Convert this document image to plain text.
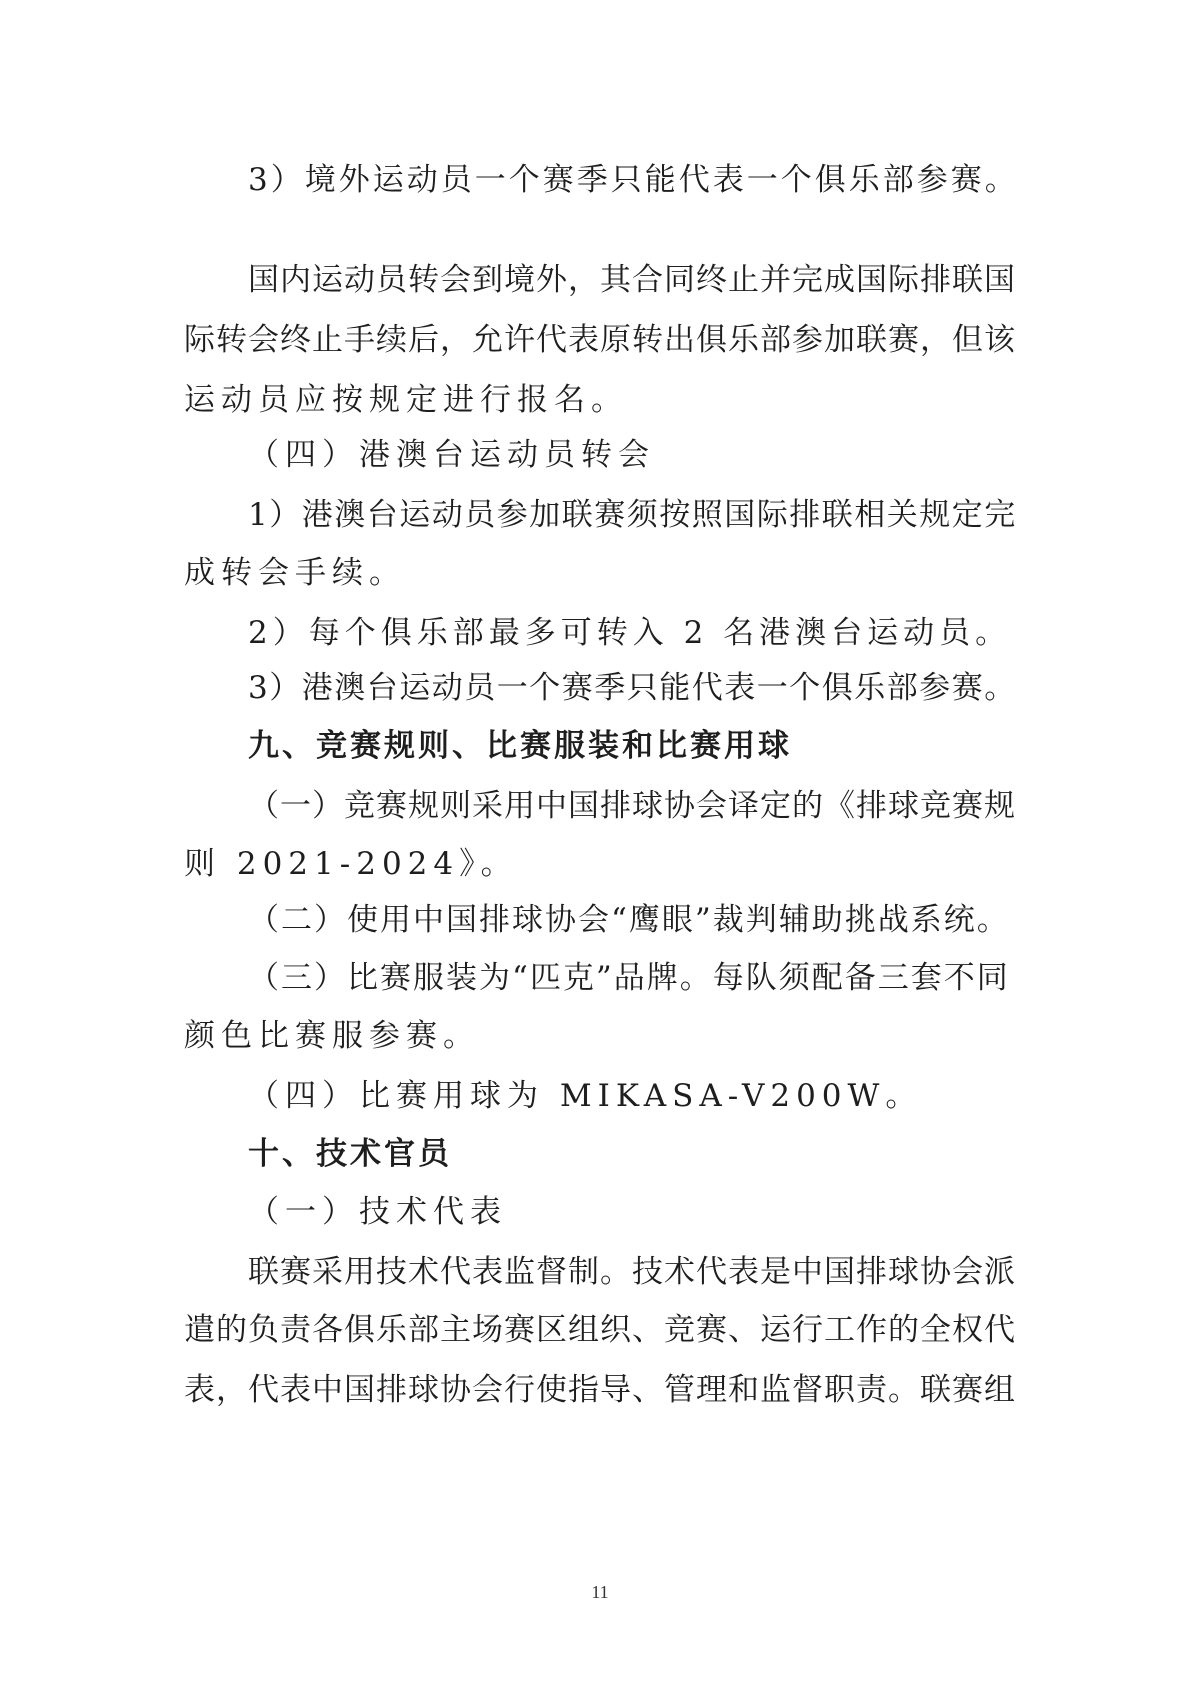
3）境外运动员一个赛季只能代表一个俱乐部参赛。

国内运动员转会到境外，其合同终止并完成国际排联国

际转会终止手续后，允许代表原转出俱乐部参加联赛，但该

运动员应按规定进行报名。

（四）港澳台运动员转会

1）港澳台运动员参加联赛须按照国际排联相关规定完

成转会手续。

2）每个俱乐部最多可转入 2 名港澳台运动员。

3）港澳台运动员一个赛季只能代表一个俱乐部参赛。

九、竞赛规则、比赛服装和比赛用球

（一）竞赛规则采用中国排球协会译定的《排球竞赛规

则 2021-2024》。

（二）使用中国排球协会“鹰眼”裁判辅助挑战系统。

（三）比赛服装为“匹克”品牌。每队须配备三套不同

颜色比赛服参赛。

（四）比赛用球为 MIKASA-V200W。

十、技术官员

（一）技术代表

联赛采用技术代表监督制。技术代表是中国排球协会派

遣的负责各俱乐部主场赛区组织、竞赛、运行工作的全权代

表，代表中国排球协会行使指导、管理和监督职责。联赛组

11
